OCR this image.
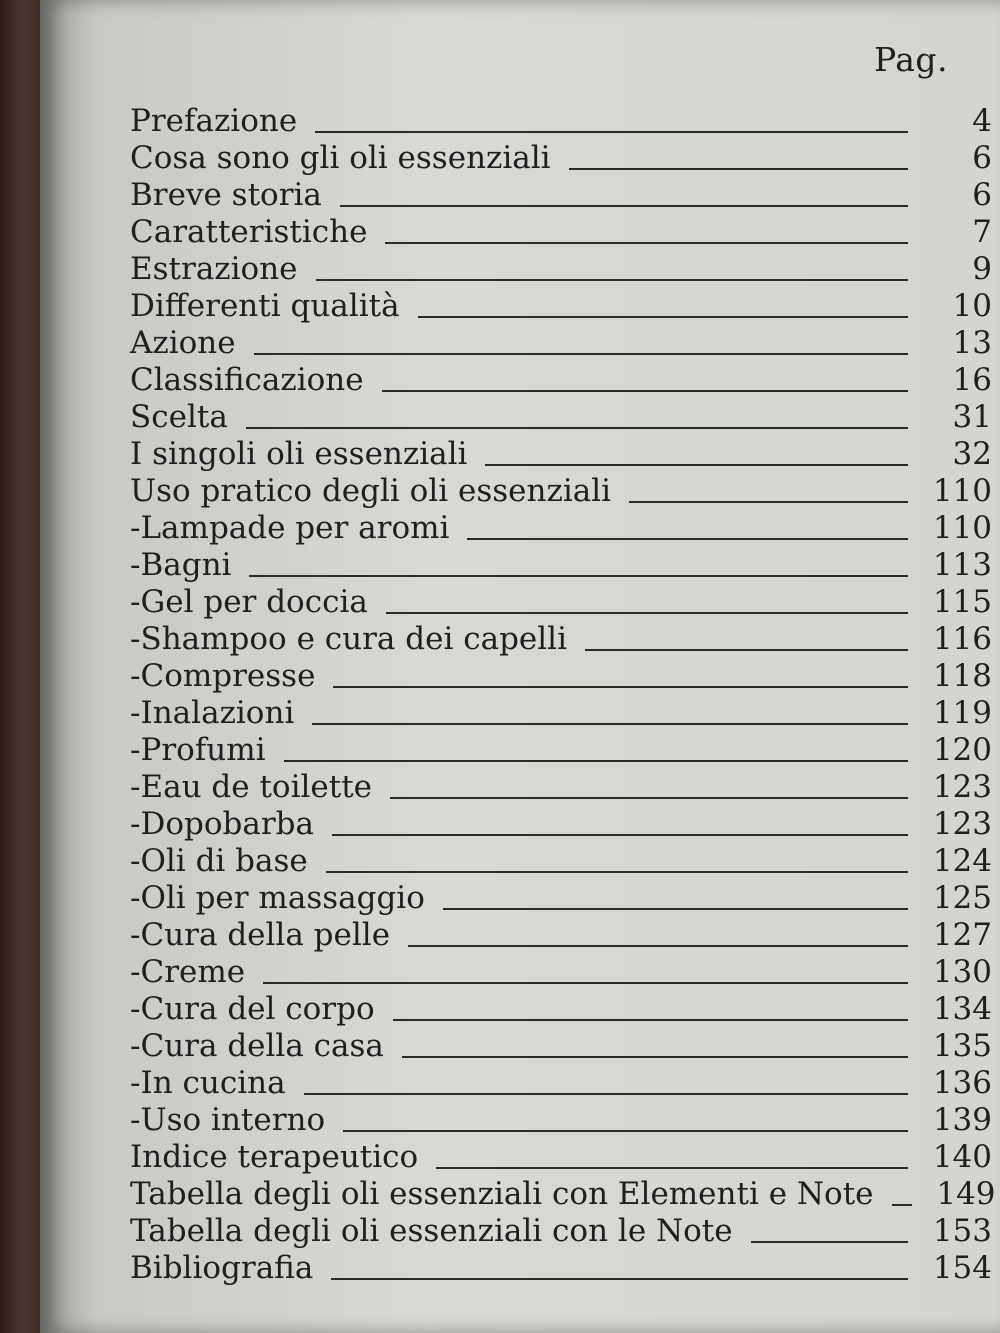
Pag.
Prefazione	4
Cosa sono gli oli essenziali	6
Breve storia	6
Caratteristiche	7
Estrazione	9
Differenti qualità	10
Azione	13
Classificazione	16
Scelta	31
I singoli oli essenziali	32
Uso pratico degli oli essenziali	110
-Lampade per aromi	110
-Bagni	113
-Gel per doccia	115
-Shampoo e cura dei capelli	116
-Compresse	118
-Inalazioni	119
-Profumi	120
-Eau de toilette	123
-Dopobarba	123
-Oli di base	124
-Oli per massaggio	125
-Cura della pelle	127
-Creme	130
-Cura del corpo	134
-Cura della casa	135
-In cucina	136
-Uso interno	139
Indice terapeutico	140
Tabella degli oli essenziali con Elementi e Note 149
Tabella degli oli essenziali con le Note	153
Bibliografia	154
